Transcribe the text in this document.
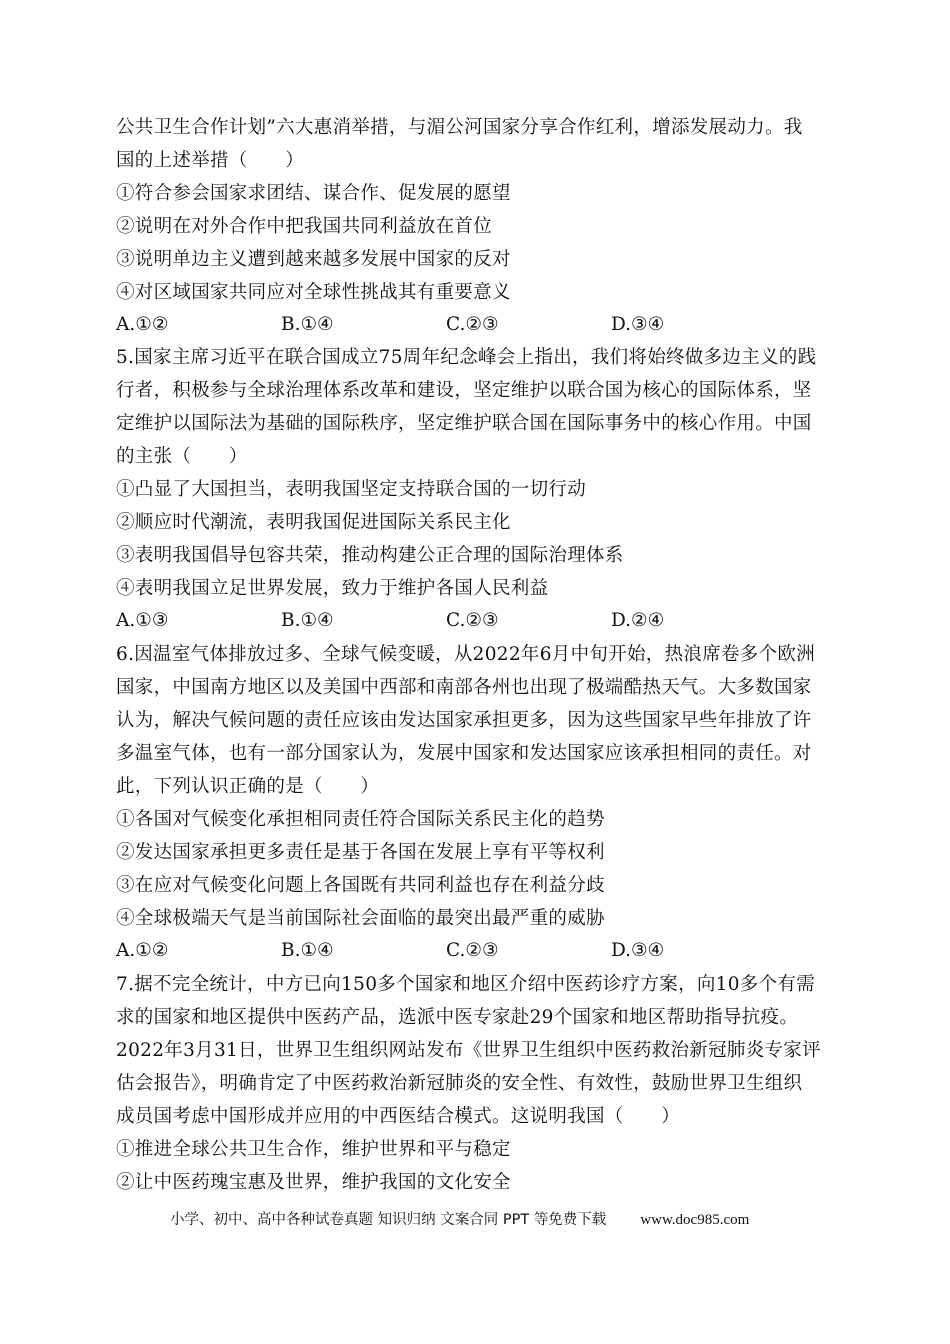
公共卫生合作计划”六大惠消举措，与湄公河国家分享合作红利，增添发展动力。我
国的上述举措（　　）
①符合参会国家求团结、谋合作、促发展的愿望
②说明在对外合作中把我国共同利益放在首位
③说明单边主义遭到越来越多发展中国家的反对
④对区域国家共同应对全球性挑战其有重要意义
A.①②	B.①④	C.②③	D.③④
5.国家主席习近平在联合国成立75周年纪念峰会上指出，我们将始终做多边主义的践
行者，积极参与全球治理体系改革和建设，坚定维护以联合国为核心的国际体系，坚
定维护以国际法为基础的国际秩序，坚定维护联合国在国际事务中的核心作用。中国
的主张（　　）
①凸显了大国担当，表明我国坚定支持联合国的一切行动
②顺应时代潮流，表明我国促进国际关系民主化
③表明我国倡导包容共荣，推动构建公正合理的国际治理体系
④表明我国立足世界发展，致力于维护各国人民利益
A.①③	B.①④	C.②③	D.②④
6.因温室气体排放过多、全球气候变暖，从2022年6月中旬开始，热浪席卷多个欧洲
国家，中国南方地区以及美国中西部和南部各州也出现了极端酷热天气。大多数国家
认为，解决气候问题的责任应该由发达国家承担更多，因为这些国家早些年排放了许
多温室气体，也有一部分国家认为，发展中国家和发达国家应该承担相同的责任。对
此，下列认识正确的是（　　）
①各国对气候变化承担相同责任符合国际关系民主化的趋势
②发达国家承担更多责任是基于各国在发展上享有平等权利
③在应对气候变化问题上各国既有共同利益也存在利益分歧
④全球极端天气是当前国际社会面临的最突出最严重的威胁
A.①②	B.①④	C.②③	D.③④
7.据不完全统计，中方已向150多个国家和地区介绍中医药诊疗方案，向10多个有需
求的国家和地区提供中医药产品，选派中医专家赴29个国家和地区帮助指导抗疫。
2022年3月31日，世界卫生组织网站发布《世界卫生组织中医药救治新冠肺炎专家评
估会报告》，明确肯定了中医药救治新冠肺炎的安全性、有效性，鼓励世界卫生组织
成员国考虑中国形成并应用的中西医结合模式。这说明我国（　　）
①推进全球公共卫生合作，维护世界和平与稳定
②让中医药瑰宝惠及世界，维护我国的文化安全
小学、初中、高中各种试卷真题 知识归纳 文案合同 PPT 等免费下载 www.doc985.com
